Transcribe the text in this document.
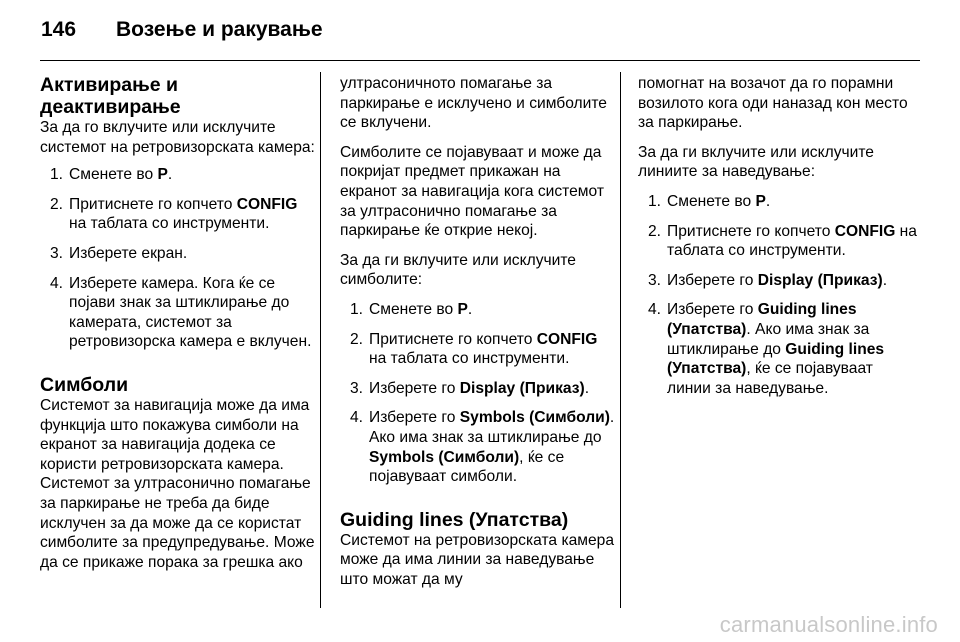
146	Возење и ракување
Активирање и деактивирање

За да го вклучите или исклучите системот на ретровизорската камера:

1. Сменете во P.
2. Притиснете го копчето CONFIG на таблата со инструменти.
3. Изберете екран.
4. Изберете камера. Кога ќе се појави знак за штиклирање до камерата, системот за ретровизорска камера е вклучен.
Симболи

Системот за навигација може да има функција што покажува симболи на екранот за навигација додека се користи ретровизорската камера. Системот за ултрасонично помагање за паркирање не треба да биде исклучен за да може да се користат симболите за предупредување. Може да се прикаже порака за грешка ако

ултрасоничното помагање за паркирање е исклучено и симболите се вклучени.

Симболите се појавуваат и може да покријат предмет прикажан на екранот за навигација кога системот за ултрасонично помагање за паркирање ќе открие некој.

За да ги вклучите или исклучите симболите:

1. Сменете во P.
2. Притиснете го копчето CONFIG на таблата со инструменти.
3. Изберете го Display (Приказ).
4. Изберете го Symbols (Симболи). Ако има знак за штиклирање до Symbols (Симболи), ќе се појавуваат симболи.
Guiding lines (Упатства)

Системот на ретровизорската камера може да има линии за наведување што можат да му

помогнат на возачот да го порамни возилото кога оди наназад кон место за паркирање.

За да ги вклучите или исклучите линиите за наведување:

1. Сменете во P.
2. Притиснете го копчето CONFIG на таблата со инструменти.
3. Изберете го Display (Приказ).
4. Изберете го Guiding lines (Упатства). Ако има знак за штиклирање до Guiding lines (Упатства), ќе се појавуваат линии за наведување.
carmanualsonline.info
